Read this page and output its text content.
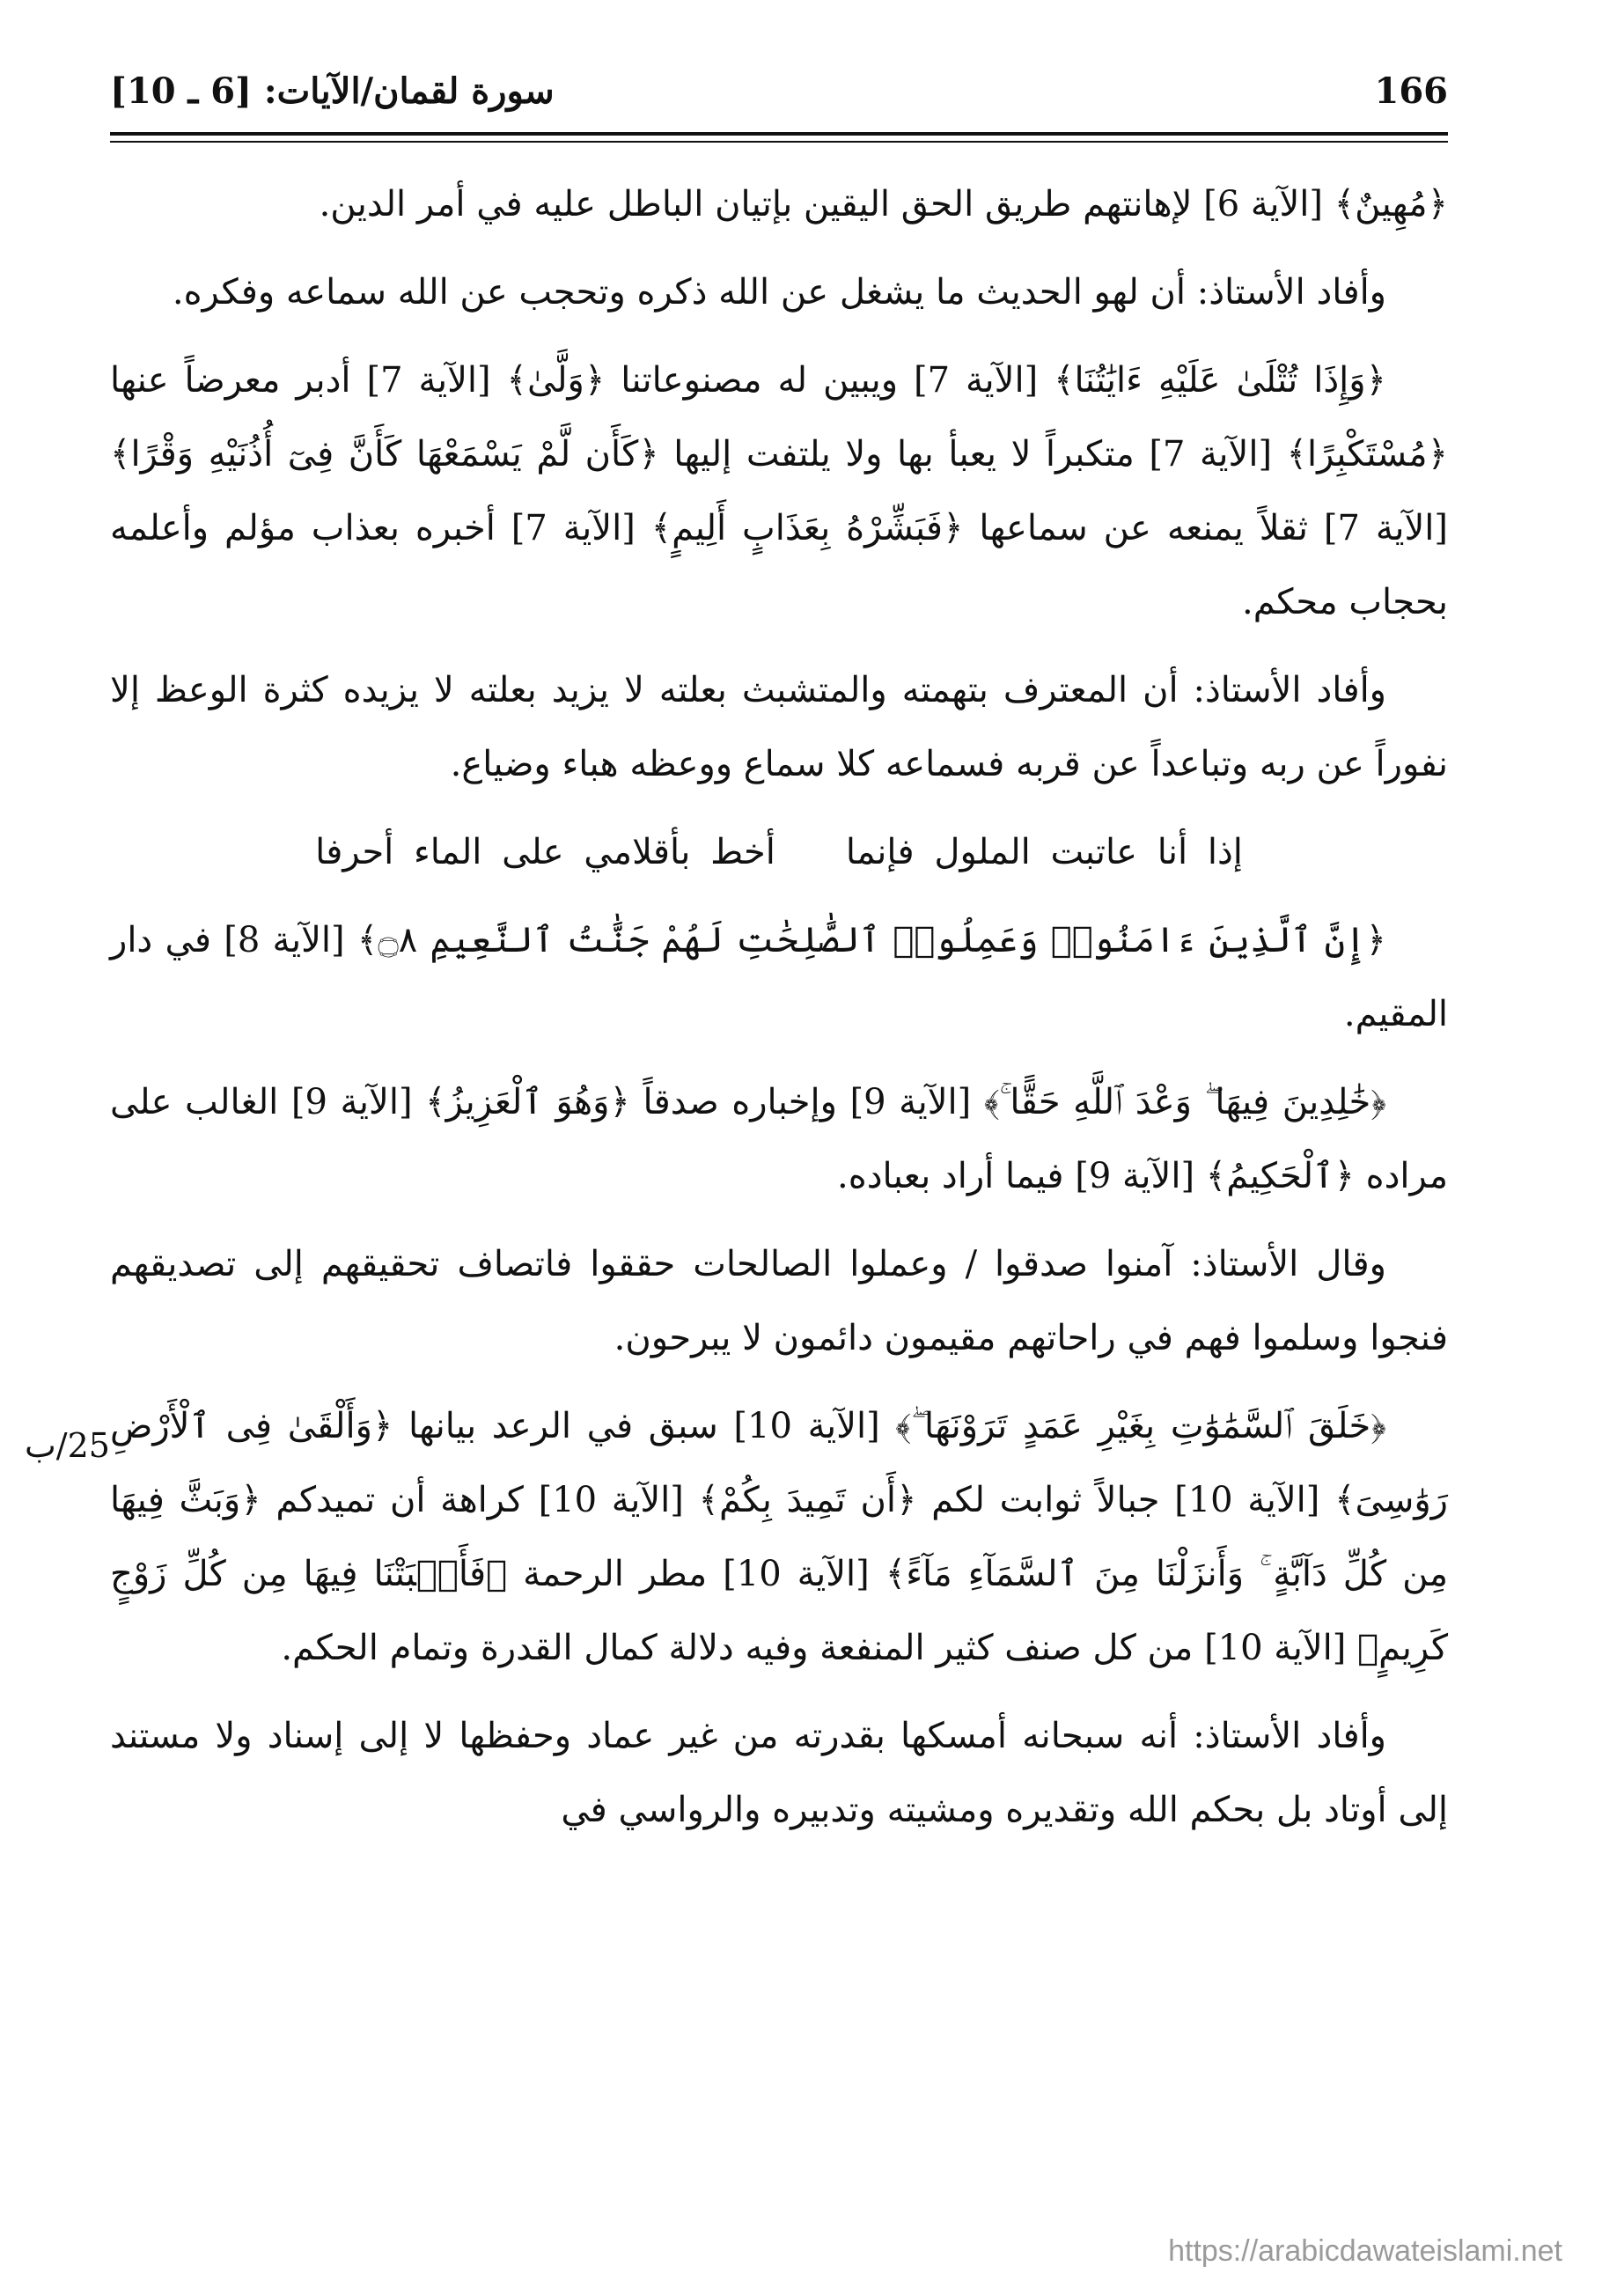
166
سورة لقمان/الآيات: [6 ـ 10]
25/ب

﴿مُهِينٌ﴾ [الآية 6] لإهانتهم طريق الحق اليقين بإتيان الباطل عليه في أمر الدين.

وأفاد الأستاذ: أن لهو الحديث ما يشغل عن الله ذكره وتحجب عن الله سماعه وفكره.

﴿وَإِذَا تُتْلَىٰ عَلَيْهِ ءَايَٰتُنَا﴾ [الآية 7] ويبين له مصنوعاتنا ﴿وَلَّىٰ﴾ [الآية 7] أدبر معرضاً عنها ﴿مُسْتَكْبِرًا﴾ [الآية 7] متكبراً لا يعبأ بها ولا يلتفت إليها ﴿كَأَن لَّمْ يَسْمَعْهَا كَأَنَّ فِىٓ أُذُنَيْهِ وَقْرًا﴾ [الآية 7] ثقلاً يمنعه عن سماعها ﴿فَبَشِّرْهُ بِعَذَابٍ أَلِيمٍ﴾ [الآية 7] أخبره بعذاب مؤلم وأعلمه بحجاب محكم.

وأفاد الأستاذ: أن المعترف بتهمته والمتشبث بعلته لا يزيد بعلته لا يزيده كثرة الوعظ إلا نفوراً عن ربه وتباعداً عن قربه فسماعه كلا سماع ووعظه هباء وضياع.

إذا أنا عاتبت الملول فإنماأخط بأقلامي على الماء أحرفا

﴿إِنَّ ٱلَّذِينَ ءَامَنُوا۟ وَعَمِلُوا۟ ٱلصَّٰلِحَٰتِ لَهُمْ جَنَّٰتُ ٱلنَّعِيمِ ۝٨﴾ [الآية 8] في دار المقيم.

﴿خَٰلِدِينَ فِيهَا ۖ وَعْدَ ٱللَّهِ حَقًّا ۚ﴾ [الآية 9] وإخباره صدقاً ﴿وَهُوَ ٱلْعَزِيزُ﴾ [الآية 9] الغالب على مراده ﴿ٱلْحَكِيمُ﴾ [الآية 9] فيما أراد بعباده.

وقال الأستاذ: آمنوا صدقوا / وعملوا الصالحات حققوا فاتصاف تحقيقهم إلى تصديقهم فنجوا وسلموا فهم في راحاتهم مقيمون دائمون لا يبرحون.

﴿خَلَقَ ٱلسَّمَٰوَٰتِ بِغَيْرِ عَمَدٍ تَرَوْنَهَا ۖ﴾ [الآية 10] سبق في الرعد بيانها ﴿وَأَلْقَىٰ فِى ٱلْأَرْضِ رَوَٰسِىَ﴾ [الآية 10] جبالاً ثوابت لكم ﴿أَن تَمِيدَ بِكُمْ﴾ [الآية 10] كراهة أن تميدكم ﴿وَبَثَّ فِيهَا مِن كُلِّ دَآبَّةٍ ۚ وَأَنزَلْنَا مِنَ ٱلسَّمَآءِ مَآءً﴾ [الآية 10] مطر الرحمة ﴿فَأَنۢبَتْنَا فِيهَا مِن كُلِّ زَوْجٍ كَرِيمٍ﴾ [الآية 10] من كل صنف كثير المنفعة وفيه دلالة كمال القدرة وتمام الحكم.

وأفاد الأستاذ: أنه سبحانه أمسكها بقدرته من غير عماد وحفظها لا إلى إسناد ولا مستند إلى أوتاد بل بحكم الله وتقديره ومشيته وتدبيره والرواسي في

https://arabicdawateislami.net
